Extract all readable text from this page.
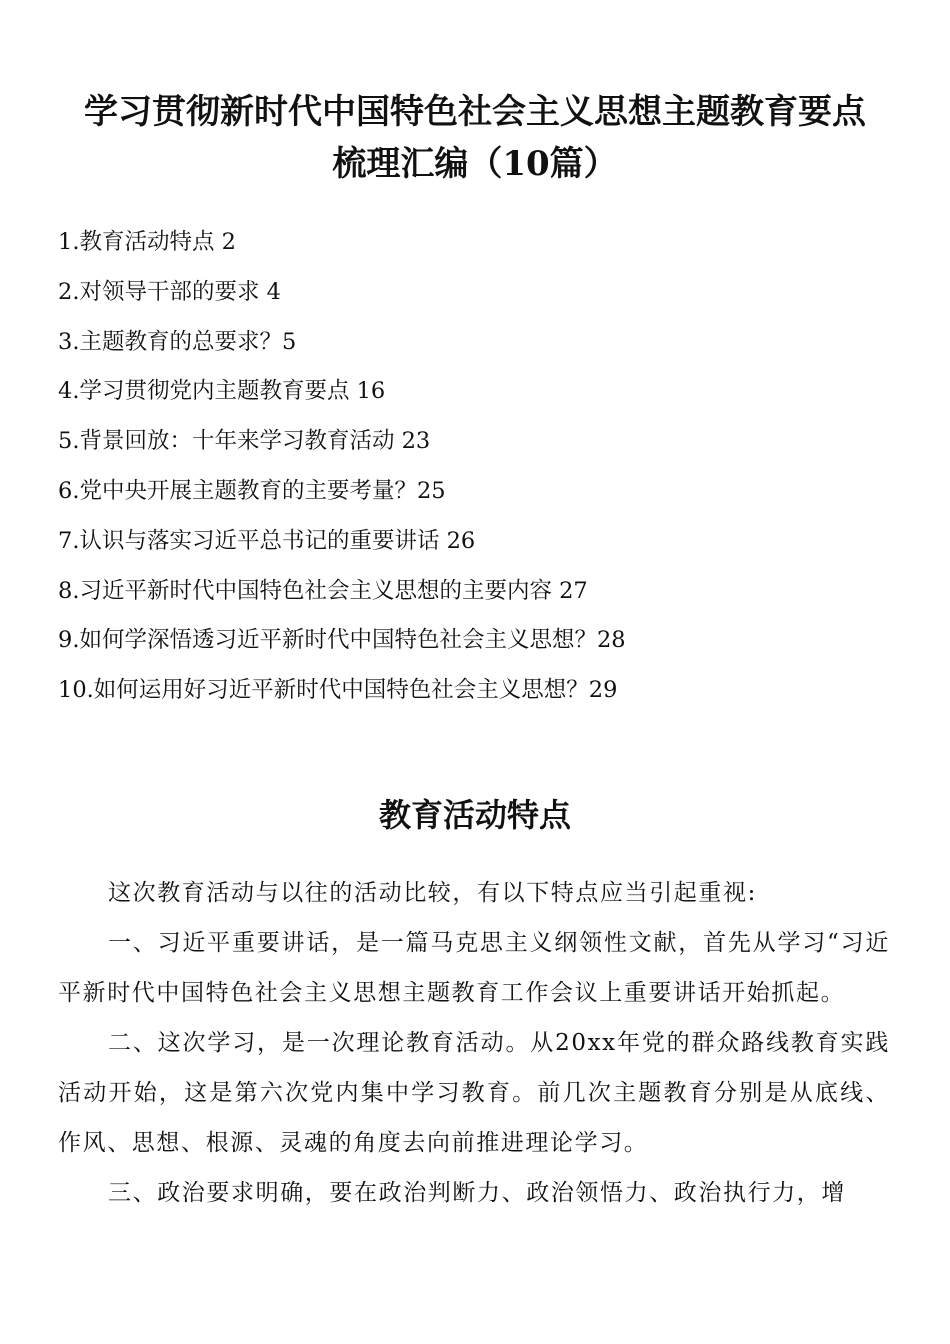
学习贯彻新时代中国特色社会主义思想主题教育要点
梳理汇编（10篇）
1.教育活动特点 2
2.对领导干部的要求 4
3.主题教育的总要求？5
4.学习贯彻党内主题教育要点 16
5.背景回放：十年来学习教育活动 23
6.党中央开展主题教育的主要考量？25
7.认识与落实习近平总书记的重要讲话 26
8.习近平新时代中国特色社会主义思想的主要内容 27
9.如何学深悟透习近平新时代中国特色社会主义思想？28
10.如何运用好习近平新时代中国特色社会主义思想？29
教育活动特点

这次教育活动与以往的活动比较，有以下特点应当引起重视:

一、习近平重要讲话，是一篇马克思主义纲领性文献，首先从学习“习近平新时代中国特色社会主义思想主题教育工作会议上重要讲话开始抓起。

二、这次学习，是一次理论教育活动。从20xx年党的群众路线教育实践活动开始，这是第六次党内集中学习教育。前几次主题教育分别是从底线、作风、思想、根源、灵魂的角度去向前推进理论学习。

三、政治要求明确，要在政治判断力、政治领悟力、政治执行力，增
